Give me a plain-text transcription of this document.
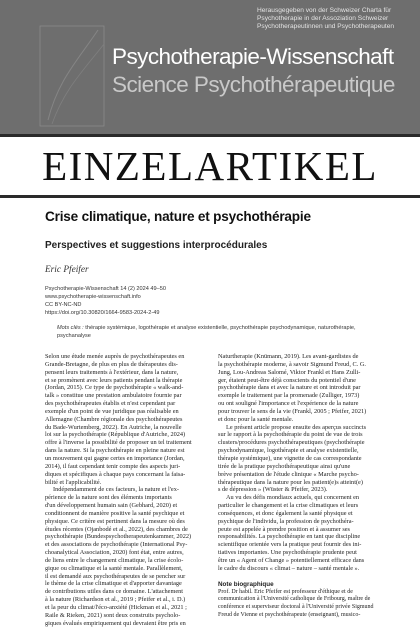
Herausgegeben von der Schweizer Charta für
Psychotherapie in der Assoziation Schweizer
Psychotherapeutinnen und Psychotherapeuten
Psychotherapie-Wissenschaft
Science Psychothérapeutique
EINZELARTIKEL
Crise climatique, nature et psychothérapie
Perspectives et suggestions interprocédurales
Eric Pfeifer
Psychotherapie-Wissenschaft 14 (2) 2024 49–50
www.psychotherapie-wissenschaft.info
CC BY-NC-ND
https://doi.org/10.30820/1664-9583-2024-2-49
Mots clés : thérapie systémique, logothérapie et analyse existentielle, psychothérapie psychodynamique, naturothérapie,
psychanalyse
Selon une étude menée auprès de psychothérapeutes en
Grande-Bretagne, de plus en plus de thérapeutes dis-
pensent leurs traitements à l'extérieur, dans la nature,
et se promènent avec leurs patients pendant la thérapie
(Jordan, 2015). Ce type de psychothérapie « walk-and-
talk » constitue une prestation ambulatoire fournie par
des psychothérapeutes établis et n'est cependant par
exemple d'un point de vue juridique pas réalisable en
Allemagne (Chambre régionale des psychothérapeutes
du Bade-Wurtemberg, 2022). En Autriche, la nouvelle
loi sur la psychothérapie (République d'Autriche, 2024)
offre à l'inverse la possibilité de proposer un tel traitement
dans la nature. Si la psychothérapie en pleine nature est
un mouvement qui gagne certes en importance (Jordan,
2014), il faut cependant tenir compte des aspects juri-
diques et spécifiques à chaque pays concernant la faisa-
bilité et l'applicabilité.
Indépendamment de ces facteurs, la nature et l'ex-
périence de la nature sont des éléments importants
d'un développement humain sain (Gebhard, 2020) et
conditionnent de manière positive la santé psychique et
physique. Ce critère est pertinent dans la mesure où des
études récentes (Ojanbodé et al., 2022), des chambres de
psychothérapie (Bundespsychotherapeutenkammer, 2022)
et des associations de psychothérapie (International Psy-
choanalytical Association, 2020) font état, entre autres,
de liens entre le changement climatique, la crise écolo-
gique ou climatique et la santé mentale. Parallèlement,
il est demandé aux psychothérapeutes de se pencher sur
le thème de la crise climatique et d'apporter davantage
de contributions utiles dans ce domaine. L'attachement
à la nature (Richardson et al., 2019 ; Pfeifer et al., i. D.)
et la peur du climat/l'éco-anxiété (Hickman et al., 2021 ;
Raile & Rieken, 2021) sont deux construits psycholo-
giques évalués empiriquement qui devraient être pris en
Naturtherapie (Knümann, 2019). Les avant-gardistes de
la psychothérapie moderne, à savoir Sigmund Freud, C. G.
Jung, Lou-Andreas Salomé, Viktor Frankl et Hans Zulli-
ger, étaient peut-être déjà conscients du potentiel d'une
psychothérapie dans et avec la nature et ont introduit par
exemple le traitement par la promenade (Zulliger, 1973)
ou ont souligné l'importance et l'expérience de la nature
pour trouver le sens de la vie (Frankl, 2005 ; Pfeifer, 2021)
et donc pour la santé mentale.
Le présent article propose ensuite des aperçus succincts
sur le rapport à la psychothérapie du point de vue de trois
clusters/procédures psychothérapeutiques (psychothérapie
psychodynamique, logothérapie et analyse existentielle,
thérapie systémique), une vignette de cas correspondante
tirée de la pratique psychothérapeutique ainsi qu'une
brève présentation de l'étude clinique « Marche psycho-
thérapeutique dans la nature pour les patient(e)s atteint(e)
s de dépression » (Wüster & Pfeifer, 2023).
Au vu des défis mondiaux actuels, qui concernent en
particulier le changement et la crise climatiques et leurs
conséquences, et donc également la santé physique et
psychique de l'individu, la profession de psychothéra-
peute est appelée à prendre position et à assumer ses
responsabilités. La psychothérapie en tant que discipline
scientifique orientée vers la pratique peut fournir des ini-
tiatives importantes. Une psychothérapie prudente peut
être un « Agent of Change » potentiellement efficace dans
le cadre du discours « climat – nature – santé mentale ».
Note biographique
Prof. Dr habil. Eric Pfeifer est professeur d'éthique et de
communication à l'Université catholique de Fribourg, maître de
conférence et superviseur doctoral à l'Université privée Sigmund
Freud de Vienne et psychothérapeute (enseignant), musico-
